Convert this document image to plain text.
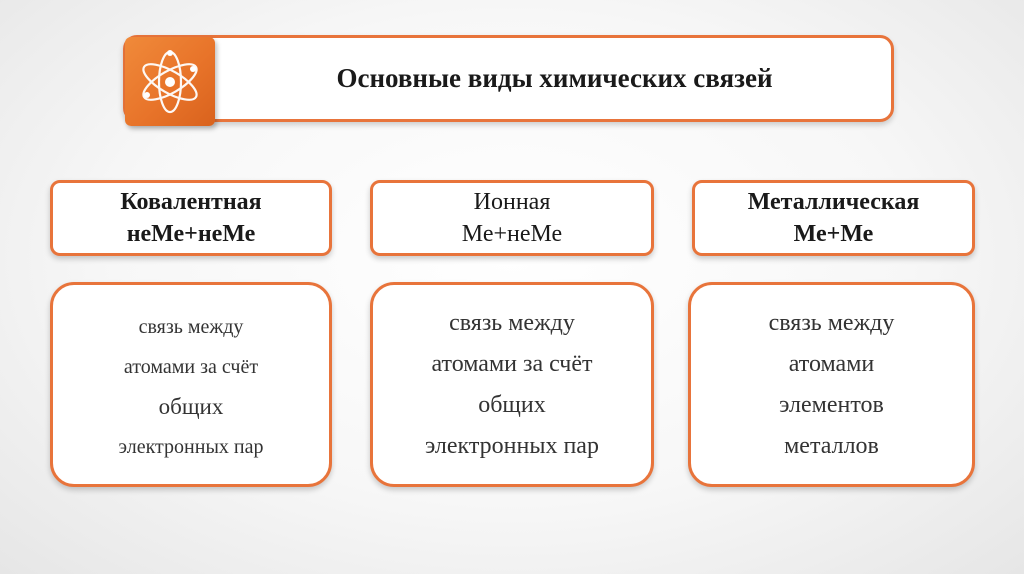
Основные виды химических связей
Ковалентная
неМе+неМе
Ионная
Ме+неМе
Металлическая
Ме+Ме
связь между
атомами за счёт
общих
электронных пар
связь между
атомами за счёт
общих
электронных пар
связь между
атомами
элементов
металлов
